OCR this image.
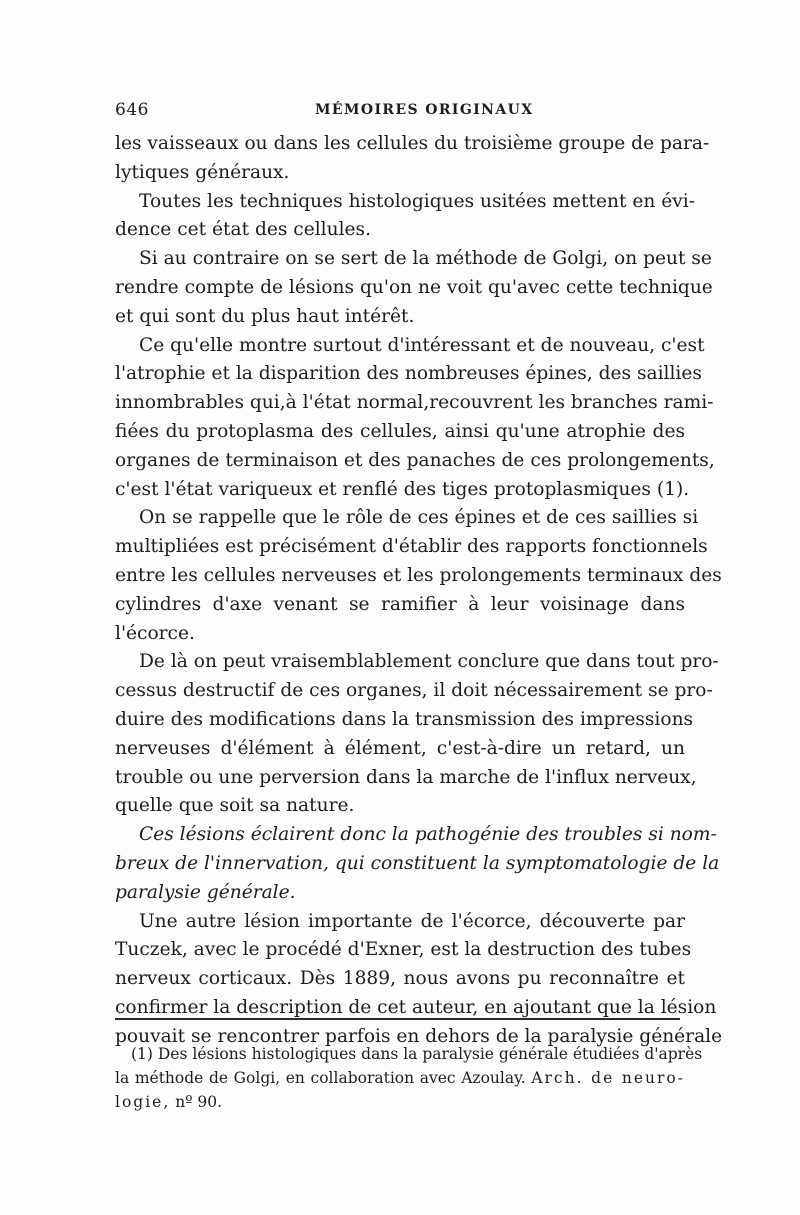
646	MÉMOIRES ORIGINAUX
les vaisseaux ou dans les cellules du troisième groupe de para-
lytiques généraux.
Toutes les techniques histologiques usitées mettent en évi-
dence cet état des cellules.
Si au contraire on se sert de la méthode de Golgi, on peut se
rendre compte de lésions qu'on ne voit qu'avec cette technique
et qui sont du plus haut intérêt.
Ce qu'elle montre surtout d'intéressant et de nouveau, c'est
l'atrophie et la disparition des nombreuses épines, des saillies
innombrables qui,à l'état normal,recouvrent les branches rami-
fiées du protoplasma des cellules, ainsi qu'une atrophie des
organes de terminaison et des panaches de ces prolongements,
c'est l'état variqueux et renflé des tiges protoplasmiques (1).
On se rappelle que le rôle de ces épines et de ces saillies si
multipliées est précisément d'établir des rapports fonctionnels
entre les cellules nerveuses et les prolongements terminaux des
cylindres d'axe venant se ramifier à leur voisinage dans
l'écorce.
De là on peut vraisemblablement conclure que dans tout pro-
cessus destructif de ces organes, il doit nécessairement se pro-
duire des modifications dans la transmission des impressions
nerveuses d'élément à élément, c'est-à-dire un retard, un
trouble ou une perversion dans la marche de l'influx nerveux,
quelle que soit sa nature.
Ces lésions éclairent donc la pathogénie des troubles si nom-
breux de l'innervation, qui constituent la symptomatologie de la
paralysie générale.
Une autre lésion importante de l'écorce, découverte par
Tuczek, avec le procédé d'Exner, est la destruction des tubes
nerveux corticaux. Dès 1889, nous avons pu reconnaître et
confirmer la description de cet auteur, en ajoutant que la lésion
pouvait se rencontrer parfois en dehors de la paralysie générale
(1) Des lésions histologiques dans la paralysie générale étudiées d'après
la méthode de Golgi, en collaboration avec Azoulay. Arch. de neuro-
logie, nº 90.
